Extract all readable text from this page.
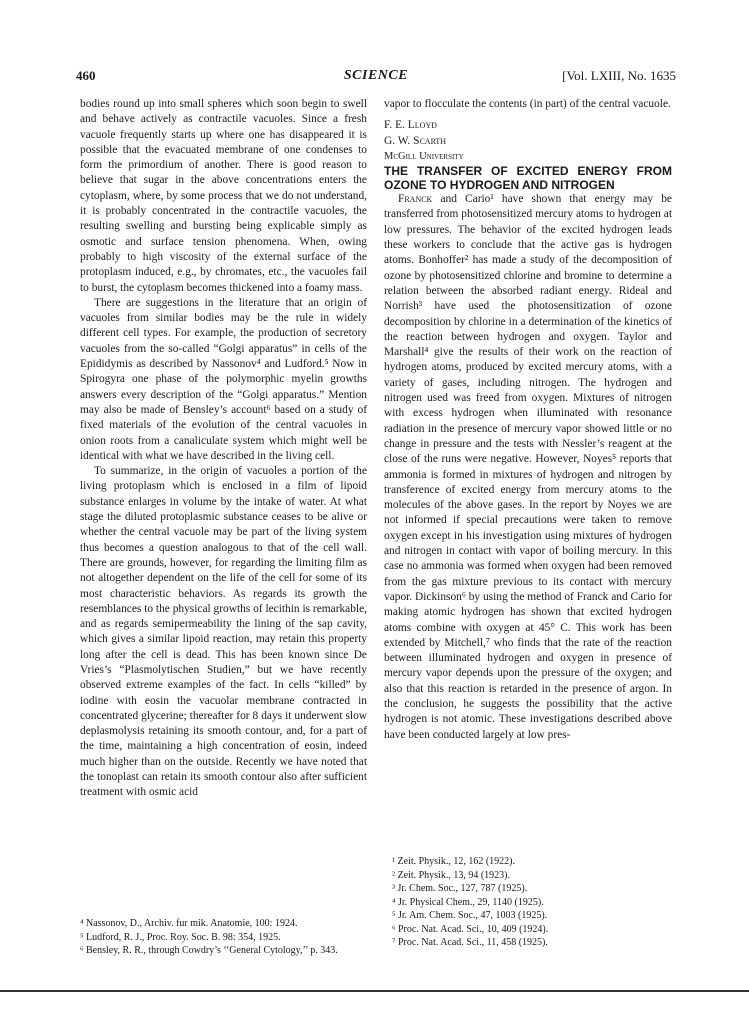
460	SCIENCE	[Vol. LXIII, No. 1635

bodies round up into small spheres which soon begin to swell and behave actively as contractile vacuoles. Since a fresh vacuole frequently starts up where one has disappeared it is possible that the evacuated membrane of one condenses to form the primordium of another. There is good reason to believe that sugar in the above concentrations enters the cytoplasm, where, by some process that we do not understand, it is probably concentrated in the contractile vacuoles, the resulting swelling and bursting being explicable simply as osmotic and surface tension phenomena. When, owing probably to high viscosity of the external surface of the protoplasm induced, e.g., by chromates, etc., the vacuoles fail to burst, the cytoplasm becomes thickened into a foamy mass.

There are suggestions in the literature that an origin of vacuoles from similar bodies may be the rule in widely different cell types. For example, the production of secretory vacuoles from the so-called “Golgi apparatus” in cells of the Epididymis as described by Nassonov⁴ and Ludford.⁵ Now in Spirogyra one phase of the polymorphic myelin growths answers every description of the “Golgi apparatus.” Mention may also be made of Bensley’s account⁶ based on a study of fixed materials of the evolution of the central vacuoles in onion roots from a canaliculate system which might well be identical with what we have described in the living cell.

To summarize, in the origin of vacuoles a portion of the living protoplasm which is enclosed in a film of lipoid substance enlarges in volume by the intake of water. At what stage the diluted protoplasmic substance ceases to be alive or whether the central vacuole may be part of the living system thus becomes a question analogous to that of the cell wall. There are grounds, however, for regarding the limiting film as not altogether dependent on the life of the cell for some of its most characteristic behaviors. As regards its growth the resemblances to the physical growths of lecithin is remarkable, and as regards semipermeability the lining of the sap cavity, which gives a similar lipoid reaction, may retain this property long after the cell is dead. This has been known since De Vries’s “Plasmolytischen Studien,” but we have recently observed extreme examples of the fact. In cells “killed” by iodine with eosin the vacuolar membrane contracted in concentrated glycerine; thereafter for 8 days it underwent slow deplasmolysis retaining its smooth contour, and, for a part of the time, maintaining a high concentration of eosin, indeed much higher than on the outside. Recently we have noted that the tonoplast can retain its smooth contour also after sufficient treatment with osmic acid

⁴ Nassonov, D., Archiv. fur mik. Anatomie, 100: 1924.

⁵ Ludford, R. J., Proc. Roy. Soc. B. 98: 354, 1925.

⁶ Bensley, R. R., through Cowdry’s ‘‘General Cytology,’’ p. 343.

vapor to flocculate the contents (in part) of the central vacuole.

F. E. Lloyd

G. W. Scarth

McGill University

THE TRANSFER OF EXCITED ENERGY FROM OZONE TO HYDROGEN AND NITROGEN

Franck and Cario¹ have shown that energy may be transferred from photosensitized mercury atoms to hydrogen at low pressures. The behavior of the excited hydrogen leads these workers to conclude that the active gas is hydrogen atoms. Bonhoffer² has made a study of the decomposition of ozone by photosensitized chlorine and bromine to determine a relation between the absorbed radiant energy. Rideal and Norrish³ have used the photosensitization of ozone decomposition by chlorine in a determination of the kinetics of the reaction between hydrogen and oxygen. Taylor and Marshall⁴ give the results of their work on the reaction of hydrogen atoms, produced by excited mercury atoms, with a variety of gases, including nitrogen. The hydrogen and nitrogen used was freed from oxygen. Mixtures of nitrogen with excess hydrogen when illuminated with resonance radiation in the presence of mercury vapor showed little or no change in pressure and the tests with Nessler’s reagent at the close of the runs were negative. However, Noyes⁵ reports that ammonia is formed in mixtures of hydrogen and nitrogen by transference of excited energy from mercury atoms to the molecules of the above gases. In the report by Noyes we are not informed if special precautions were taken to remove oxygen except in his investigation using mixtures of hydrogen and nitrogen in contact with vapor of boiling mercury. In this case no ammonia was formed when oxygen had been removed from the gas mixture previous to its contact with mercury vapor. Dickinson⁶ by using the method of Franck and Cario for making atomic hydrogen has shown that excited hydrogen atoms combine with oxygen at 45° C. This work has been extended by Mitchell,⁷ who finds that the rate of the reaction between illuminated hydrogen and oxygen in presence of mercury vapor depends upon the pressure of the oxygen; and also that this reaction is retarded in the presence of argon. In the conclusion, he suggests the possibility that the active hydrogen is not atomic. These investigations described above have been conducted largely at low pres-

¹ Zeit. Physik., 12, 162 (1922).

² Zeit. Physik., 13, 94 (1923).

³ Jr. Chem. Soc., 127, 787 (1925).

⁴ Jr. Physical Chem., 29, 1140 (1925).

⁵ Jr. Am. Chem. Soc., 47, 1003 (1925).

⁶ Proc. Nat. Acad. Sci., 10, 409 (1924).

⁷ Proc. Nat. Acad. Sci., 11, 458 (1925).
